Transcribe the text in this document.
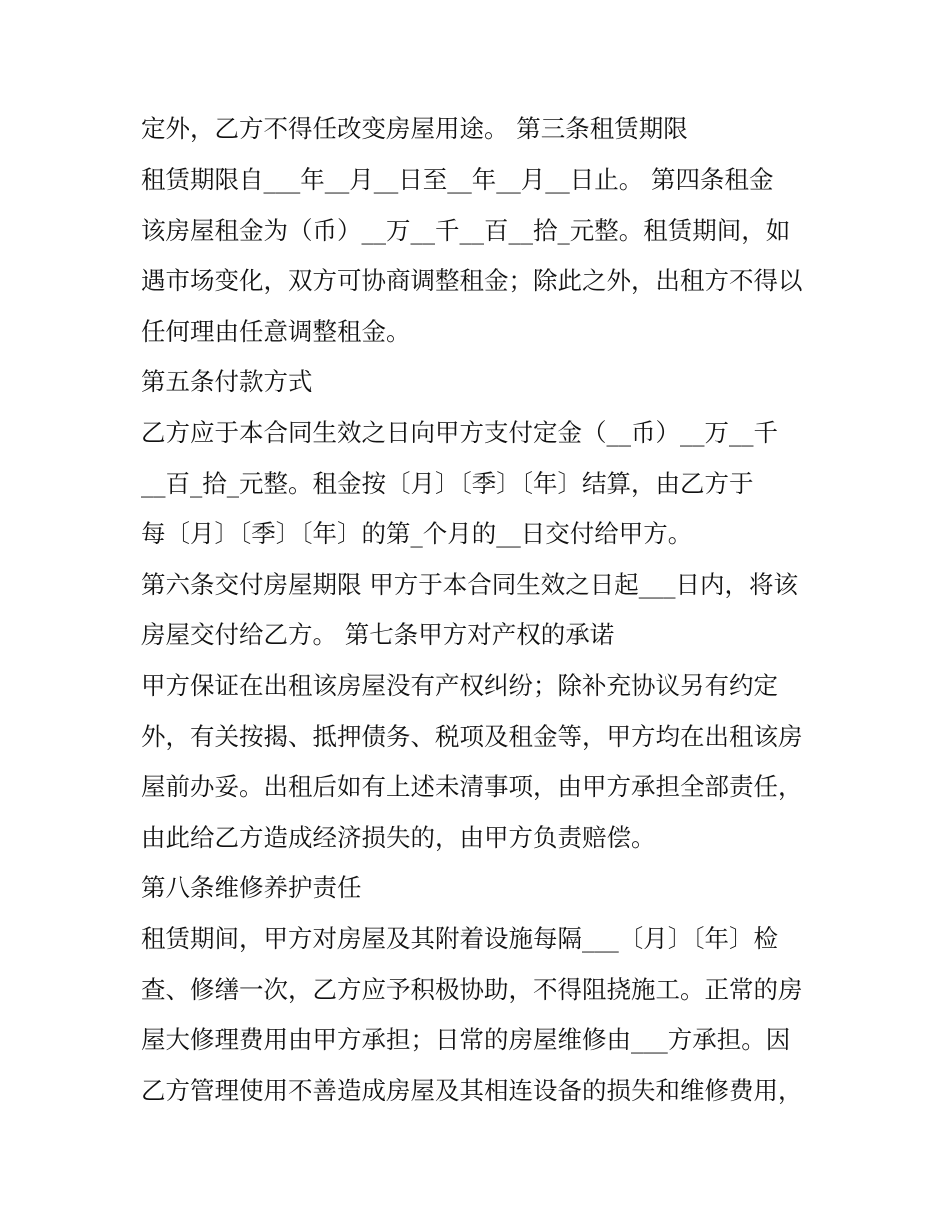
定外，乙方不得任改变房屋用途。 第三条租赁期限
租赁期限自___年__月__日至__年__月__日止。 第四条租金
该房屋租金为（币）__万__千__百__拾_元整。租赁期间，如
遇市场变化，双方可协商调整租金；除此之外，出租方不得以
任何理由任意调整租金。
第五条付款方式
乙方应于本合同生效之日向甲方支付定金（__币）__万__千
__百_拾_元整。租金按〔月〕〔季〕〔年〕结算，由乙方于
每〔月〕〔季〕〔年〕的第_个月的__日交付给甲方。
第六条交付房屋期限 甲方于本合同生效之日起___日内，将该
房屋交付给乙方。 第七条甲方对产权的承诺
甲方保证在出租该房屋没有产权纠纷；除补充协议另有约定
外，有关按揭、抵押债务、税项及租金等，甲方均在出租该房
屋前办妥。出租后如有上述未清事项，由甲方承担全部责任，
由此给乙方造成经济损失的，由甲方负责赔偿。
第八条维修养护责任
租赁期间，甲方对房屋及其附着设施每隔___〔月〕〔年〕检
查、修缮一次，乙方应予积极协助，不得阻挠施工。正常的房
屋大修理费用由甲方承担；日常的房屋维修由___方承担。因
乙方管理使用不善造成房屋及其相连设备的损失和维修费用，
